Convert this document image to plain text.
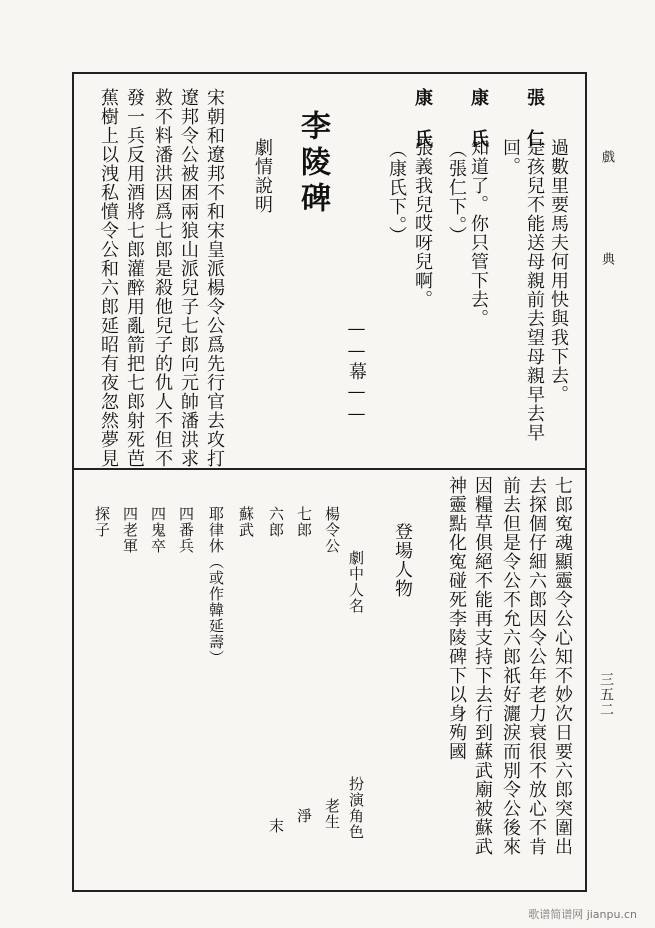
戲
典
三五二
張 仁
過數里要馬夫何用快與我下去。
是孩兒不能送母親前去望母親早去早
回。
康 氏
知道了。你只管下去。
（張仁下。）
康 氏
張義我兒哎呀兒啊。
（康氏下。）
——幕——
李陵碑
劇情說明
宋朝和遼邦不和宋皇派楊令公爲先行官去攻打
遼邦令公被困兩狼山派兒子七郎向元帥潘洪求
救不料潘洪因爲七郎是殺他兒子的仇人不但不
發一兵反用酒將七郎灌醉用亂箭把七郎射死芭
蕉樹上以洩私憤令公和六郎延昭有夜忽然夢見
七郎寃魂顯靈令公心知不妙次日要六郎突圍出
去探個仔細六郎因令公年老力衰很不放心不肯
前去但是令公不允六郎祇好灑淚而別令公後來
因糧草俱絕不能再支持下去行到蘇武廟被蘇武
神靈點化寃碰死李陵碑下以身殉國
登場人物
劇中人名
扮演角色
楊令公
老生
七郎
淨
六郎
末
蘇武
耶律休（或作韓延壽）
四番兵
四鬼卒
四老軍
探子
歌谱简谱网 jianpu.cn
